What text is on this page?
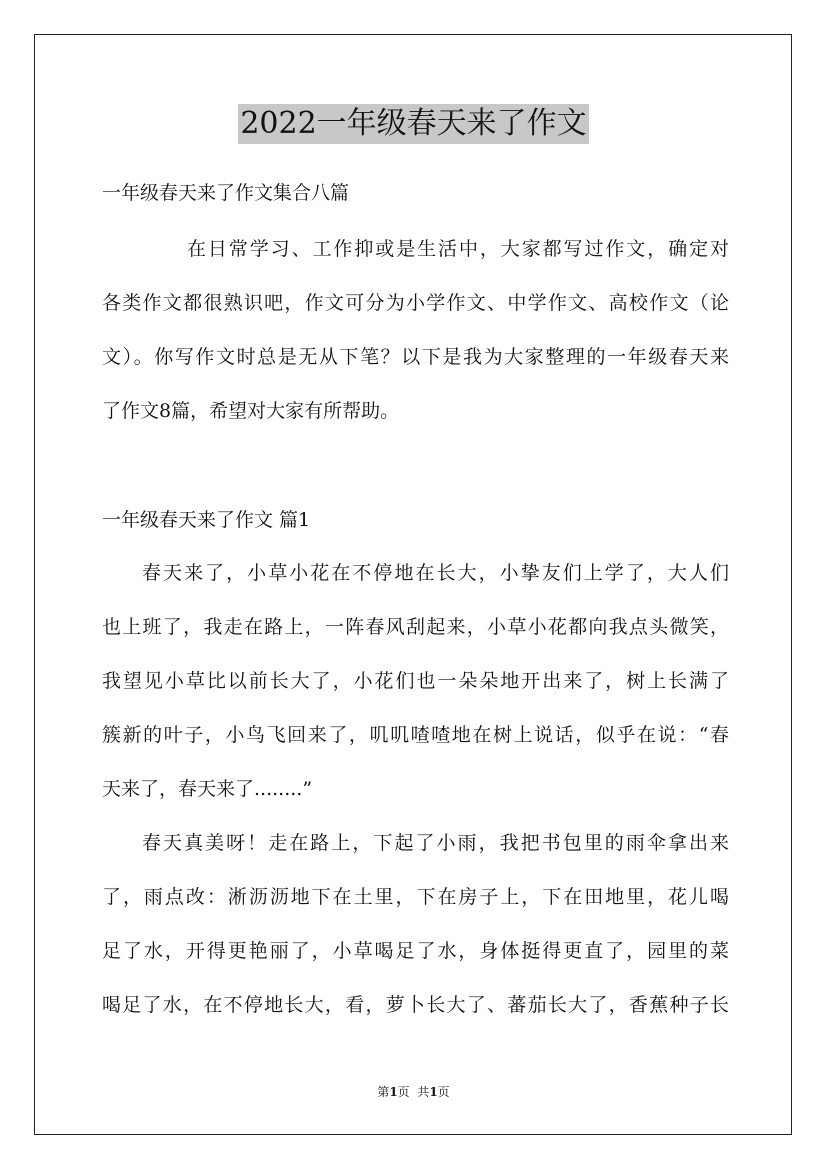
2022一年级春天来了作文
一年级春天来了作文集合八篇
在日常学习、工作抑或是生活中，大家都写过作文，确定对
各类作文都很熟识吧，作文可分为小学作文、中学作文、高校作文（论
文）。你写作文时总是无从下笔？以下是我为大家整理的一年级春天来
了作文8篇，希望对大家有所帮助。
一年级春天来了作文 篇1
春天来了，小草小花在不停地在长大，小挚友们上学了，大人们
也上班了，我走在路上，一阵春风刮起来，小草小花都向我点头微笑，
我望见小草比以前长大了，小花们也一朵朵地开出来了，树上长满了
簇新的叶子，小鸟飞回来了，叽叽喳喳地在树上说话，似乎在说：“春
天来了，春天来了........”
春天真美呀！走在路上，下起了小雨，我把书包里的雨伞拿出来
了，雨点改：淅沥沥地下在土里，下在房子上，下在田地里，花儿喝
足了水，开得更艳丽了，小草喝足了水，身体挺得更直了，园里的菜
喝足了水，在不停地长大，看，萝卜长大了、蕃茄长大了，香蕉种子长
第1页  共1页
